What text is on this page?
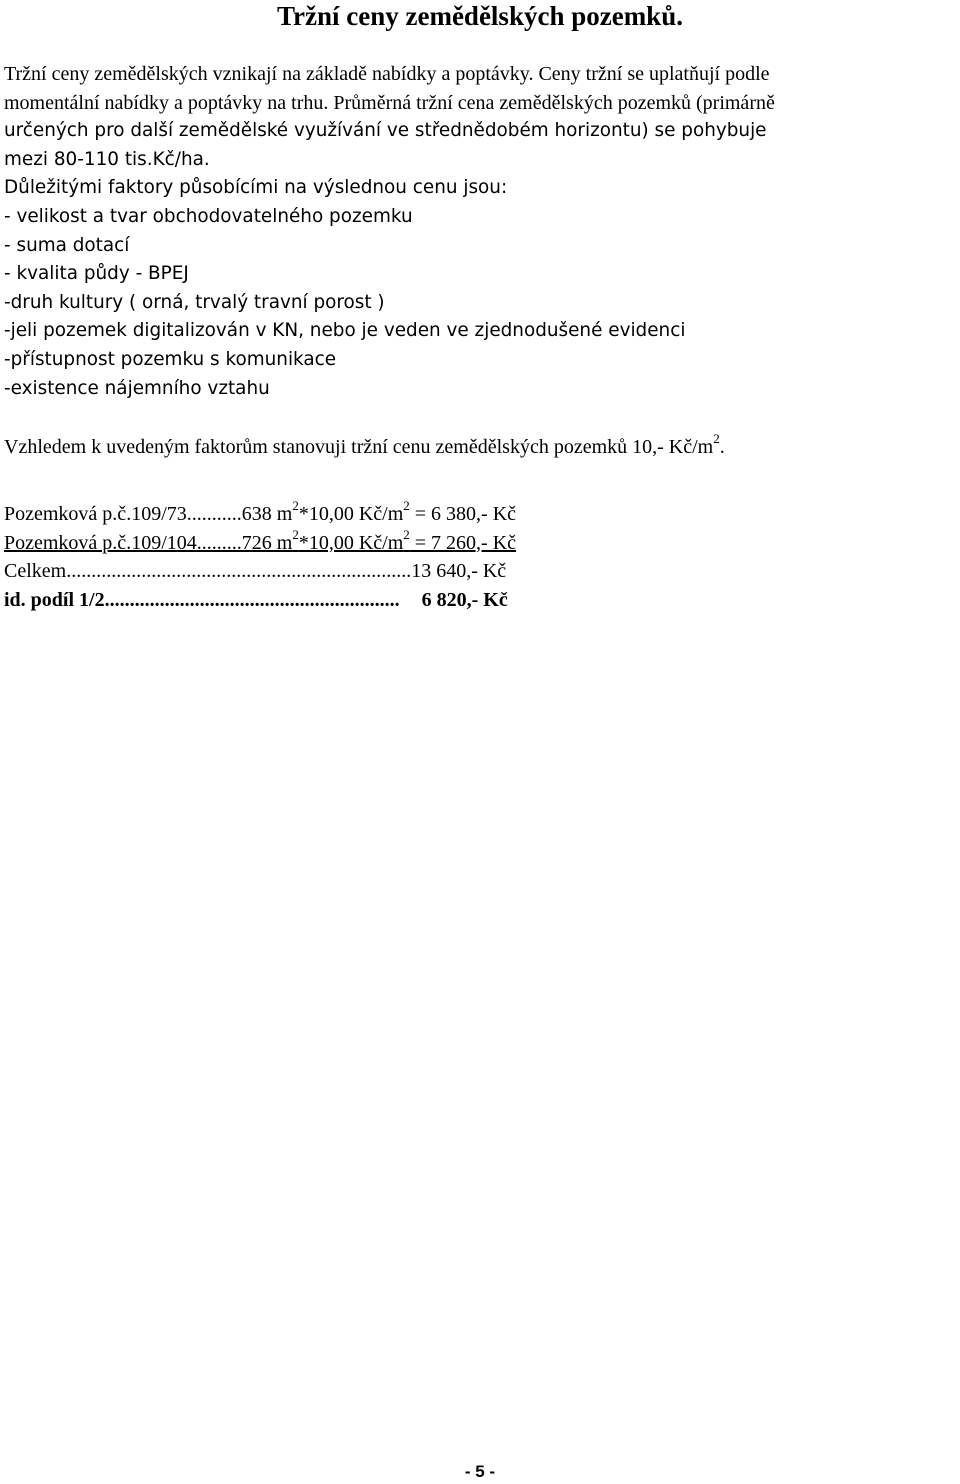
Tržní ceny zemědělských pozemků.
Tržní ceny zemědělských vznikají na základě nabídky a poptávky. Ceny tržní se uplatňují podle
momentální nabídky a poptávky na trhu. Průměrná tržní cena zemědělských pozemků (primárně
určených pro další zemědělské využívání ve střednědobém horizontu) se pohybuje
mezi 80-110 tis.Kč/ha.
Důležitými faktory působícími na výslednou cenu jsou:
- velikost a tvar obchodovatelného pozemku
- suma dotací
- kvalita půdy - BPEJ
-druh kultury ( orná, trvalý travní porost )
-jeli pozemek digitalizován v KN, nebo je veden ve zjednodušené evidenci
-přístupnost pozemku s komunikace
-existence nájemního vztahu
Vzhledem k uvedeným faktorům stanovuji tržní cenu zemědělských pozemků 10,- $Kč/m^2$.
Pozemková p.č.109/73...........638 $m^2*10,00$ $Kč/m^2 = 6$ 380,- Kč
Pozemková p.č.109/104.........726 $m^2*10,00$ $Kč/m^2 = 7$ 260,- Kč
Celkem.....................................................................13 640,- Kč
id. podíl 1/2........................................................... 6 820,- Kč
- 5 -
